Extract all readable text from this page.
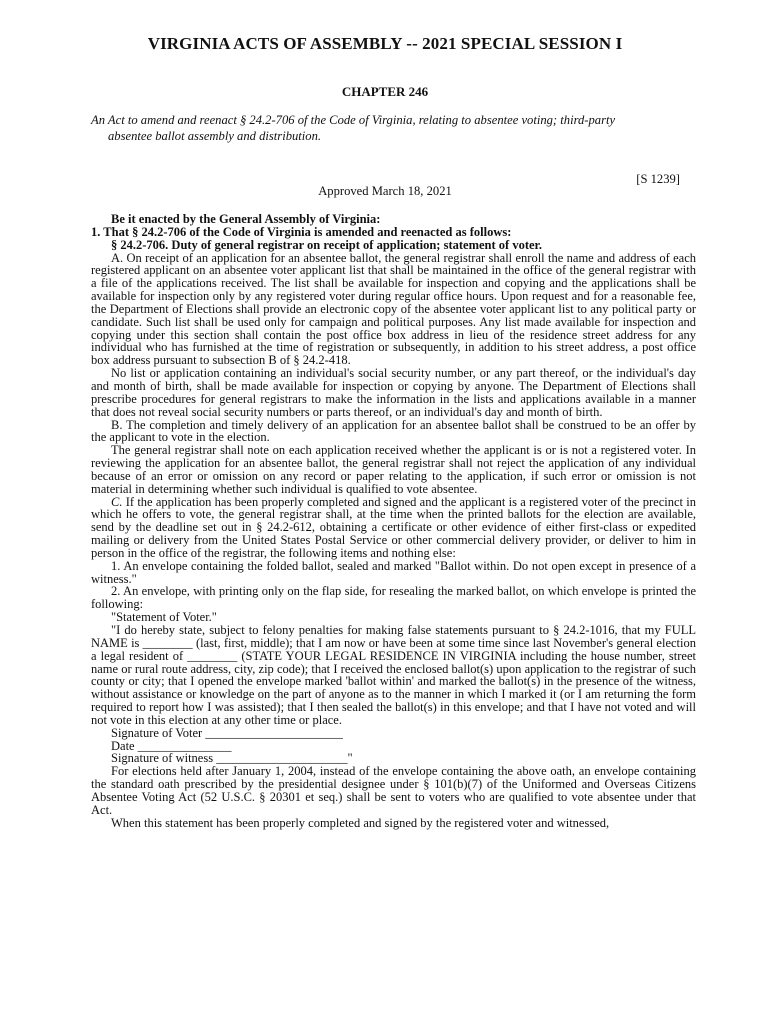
VIRGINIA ACTS OF ASSEMBLY -- 2021 SPECIAL SESSION I
CHAPTER 246
An Act to amend and reenact § 24.2-706 of the Code of Virginia, relating to absentee voting; third-party
absentee ballot assembly and distribution.
[S 1239]
Approved March 18, 2021

Be it enacted by the General Assembly of Virginia:

1. That § 24.2-706 of the Code of Virginia is amended and reenacted as follows:

§ 24.2-706. Duty of general registrar on receipt of application; statement of voter.

A. On receipt of an application for an absentee ballot, the general registrar shall enroll the name and address of each registered applicant on an absentee voter applicant list that shall be maintained in the office of the general registrar with a file of the applications received. The list shall be available for inspection and copying and the applications shall be available for inspection only by any registered voter during regular office hours. Upon request and for a reasonable fee, the Department of Elections shall provide an electronic copy of the absentee voter applicant list to any political party or candidate. Such list shall be used only for campaign and political purposes. Any list made available for inspection and copying under this section shall contain the post office box address in lieu of the residence street address for any individual who has furnished at the time of registration or subsequently, in addition to his street address, a post office box address pursuant to subsection B of § 24.2-418.

No list or application containing an individual's social security number, or any part thereof, or the individual's day and month of birth, shall be made available for inspection or copying by anyone. The Department of Elections shall prescribe procedures for general registrars to make the information in the lists and applications available in a manner that does not reveal social security numbers or parts thereof, or an individual's day and month of birth.

B. The completion and timely delivery of an application for an absentee ballot shall be construed to be an offer by the applicant to vote in the election.

The general registrar shall note on each application received whether the applicant is or is not a registered voter. In reviewing the application for an absentee ballot, the general registrar shall not reject the application of any individual because of an error or omission on any record or paper relating to the application, if such error or omission is not material in determining whether such individual is qualified to vote absentee.

C. If the application has been properly completed and signed and the applicant is a registered voter of the precinct in which he offers to vote, the general registrar shall, at the time when the printed ballots for the election are available, send by the deadline set out in § 24.2-612, obtaining a certificate or other evidence of either first-class or expedited mailing or delivery from the United States Postal Service or other commercial delivery provider, or deliver to him in person in the office of the registrar, the following items and nothing else:

1. An envelope containing the folded ballot, sealed and marked "Ballot within. Do not open except in presence of a witness."

2. An envelope, with printing only on the flap side, for resealing the marked ballot, on which envelope is printed the following:

"Statement of Voter."

"I do hereby state, subject to felony penalties for making false statements pursuant to § 24.2-1016, that my FULL NAME is ________ (last, first, middle); that I am now or have been at some time since last November's general election a legal resident of ________ (STATE YOUR LEGAL RESIDENCE IN VIRGINIA including the house number, street name or rural route address, city, zip code); that I received the enclosed ballot(s) upon application to the registrar of such county or city; that I opened the envelope marked 'ballot within' and marked the ballot(s) in the presence of the witness, without assistance or knowledge on the part of anyone as to the manner in which I marked it (or I am returning the form required to report how I was assisted); that I then sealed the ballot(s) in this envelope; and that I have not voted and will not vote in this election at any other time or place.

Signature of Voter ______________________

Date _______________

Signature of witness _____________________"

For elections held after January 1, 2004, instead of the envelope containing the above oath, an envelope containing the standard oath prescribed by the presidential designee under § 101(b)(7) of the Uniformed and Overseas Citizens Absentee Voting Act (52 U.S.C. § 20301 et seq.) shall be sent to voters who are qualified to vote absentee under that Act.

When this statement has been properly completed and signed by the registered voter and witnessed,
